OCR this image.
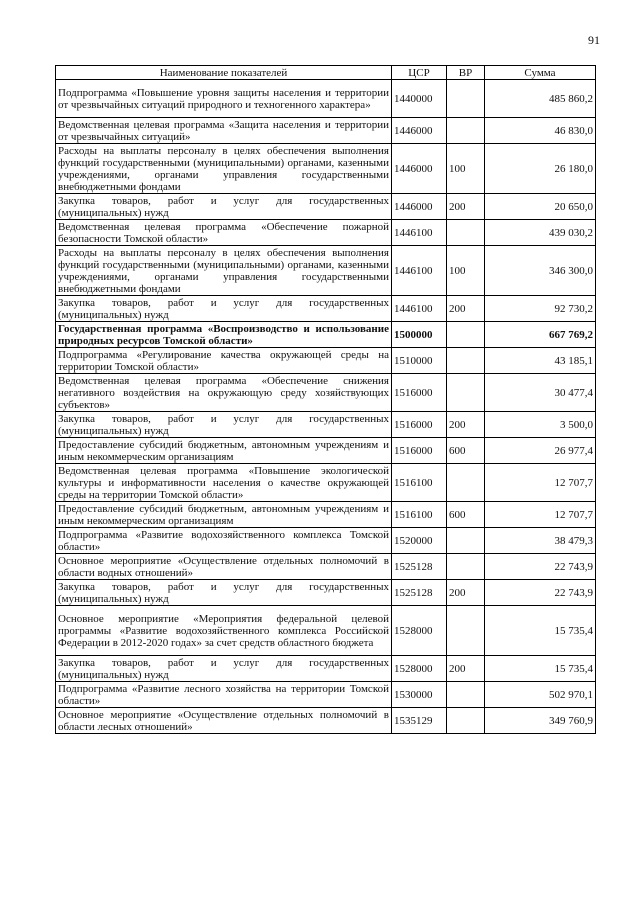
91
Наименование показателей	ЦСР	ВР	Сумма
Подпрограмма «Повышение уровня защиты населения и территории от чрезвычайных ситуаций природного и техногенного характера»	1440000		485 860,2
Ведомственная целевая программа «Защита населения и территории от чрезвычайных ситуаций»	1446000		46 830,0
Расходы на выплаты персоналу в целях обеспечения выполнения функций государственными (муниципальными) органами, казенными учреждениями, органами управления государственными внебюджетными фондами	1446000	100	26 180,0
Закупка товаров, работ и услуг для государственных (муниципальных) нужд	1446000	200	20 650,0
Ведомственная целевая программа «Обеспечение пожарной безопасности Томской области»	1446100		439 030,2
Расходы на выплаты персоналу в целях обеспечения выполнения функций государственными (муниципальными) органами, казенными учреждениями, органами управления государственными внебюджетными фондами	1446100	100	346 300,0
Закупка товаров, работ и услуг для государственных (муниципальных) нужд	1446100	200	92 730,2
Государственная программа «Воспроизводство и использование природных ресурсов Томской области»	1500000		667 769,2
Подпрограмма «Регулирование качества окружающей среды на территории Томской области»	1510000		43 185,1
Ведомственная целевая программа «Обеспечение снижения негативного воздействия на окружающую среду хозяйствующих субъектов»	1516000		30 477,4
Закупка товаров, работ и услуг для государственных (муниципальных) нужд	1516000	200	3 500,0
Предоставление субсидий бюджетным, автономным учреждениям и иным некоммерческим организациям	1516000	600	26 977,4
Ведомственная целевая программа «Повышение экологической культуры и информативности населения о качестве окружающей среды на территории Томской области»	1516100		12 707,7
Предоставление субсидий бюджетным, автономным учреждениям и иным некоммерческим организациям	1516100	600	12 707,7
Подпрограмма «Развитие водохозяйственного комплекса Томской области»	1520000		38 479,3
Основное мероприятие «Осуществление отдельных полномочий в области водных отношений»	1525128		22 743,9
Закупка товаров, работ и услуг для государственных (муниципальных) нужд	1525128	200	22 743,9
Основное мероприятие «Мероприятия федеральной целевой программы «Развитие водохозяйственного комплекса Российской Федерации в 2012-2020 годах» за счет средств областного бюджета	1528000		15 735,4
Закупка товаров, работ и услуг для государственных (муниципальных) нужд	1528000	200	15 735,4
Подпрограмма «Развитие лесного хозяйства на территории Томской области»	1530000		502 970,1
Основное мероприятие «Осуществление отдельных полномочий в области лесных отношений»	1535129		349 760,9
